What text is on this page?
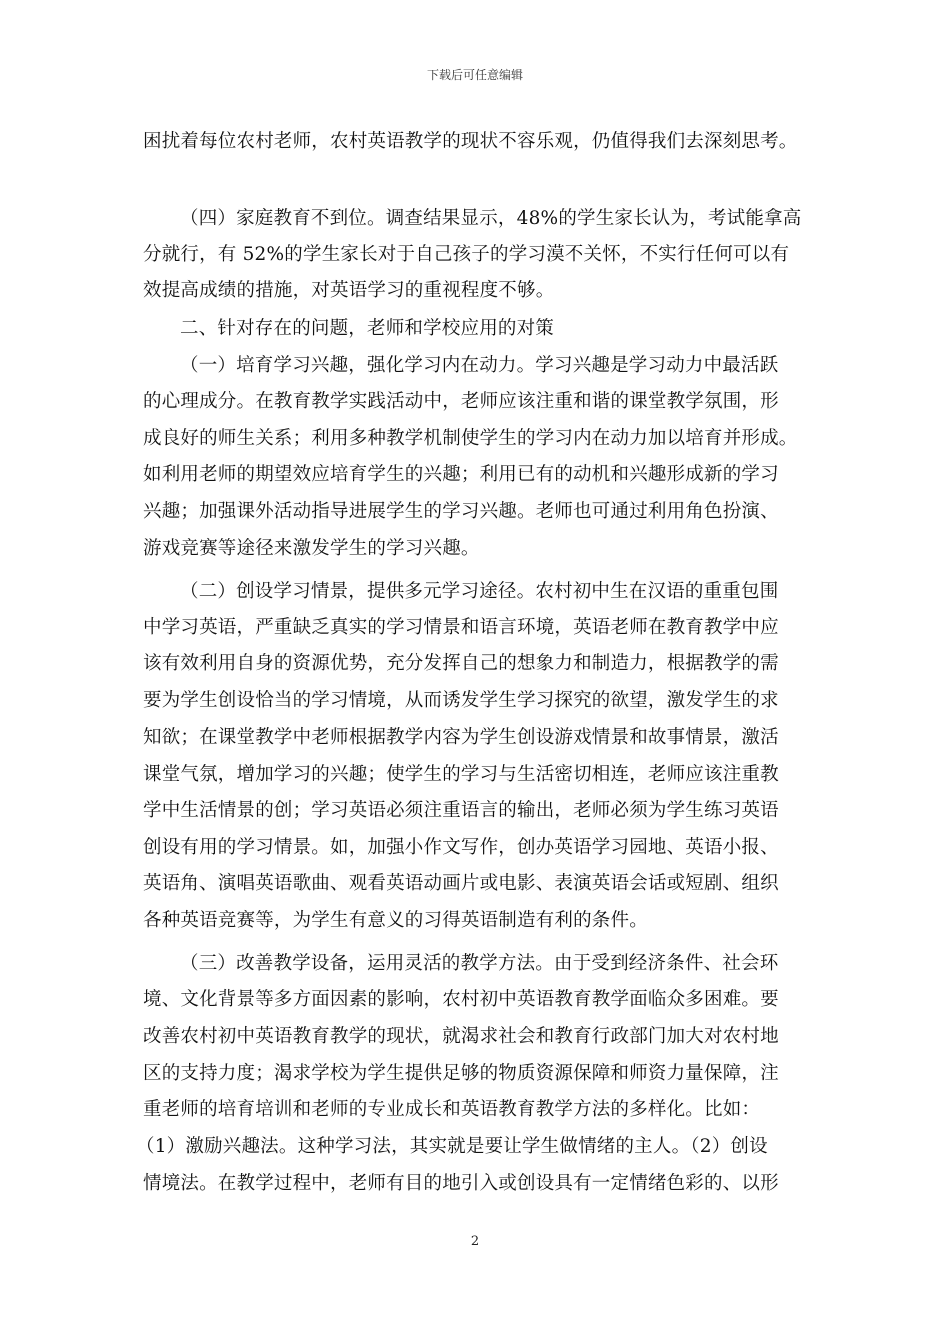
下载后可任意编辑
困扰着每位农村老师，农村英语教学的现状不容乐观，仍值得我们去深刻思考。
（四）家庭教育不到位。调查结果显示，48%的学生家长认为，考试能拿高
分就行，有 52%的学生家长对于自己孩子的学习漠不关怀，不实行任何可以有
效提高成绩的措施，对英语学习的重视程度不够。
二、针对存在的问题，老师和学校应用的对策
（一）培育学习兴趣，强化学习内在动力。学习兴趣是学习动力中最活跃
的心理成分。在教育教学实践活动中，老师应该注重和谐的课堂教学氛围，形
成良好的师生关系；利用多种教学机制使学生的学习内在动力加以培育并形成。
如利用老师的期望效应培育学生的兴趣；利用已有的动机和兴趣形成新的学习
兴趣；加强课外活动指导进展学生的学习兴趣。老师也可通过利用角色扮演、
游戏竞赛等途径来激发学生的学习兴趣。
（二）创设学习情景，提供多元学习途径。农村初中生在汉语的重重包围
中学习英语，严重缺乏真实的学习情景和语言环境，英语老师在教育教学中应
该有效利用自身的资源优势，充分发挥自己的想象力和制造力，根据教学的需
要为学生创设恰当的学习情境，从而诱发学生学习探究的欲望，激发学生的求
知欲；在课堂教学中老师根据教学内容为学生创设游戏情景和故事情景，激活
课堂气氛，增加学习的兴趣；使学生的学习与生活密切相连，老师应该注重教
学中生活情景的创；学习英语必须注重语言的输出，老师必须为学生练习英语
创设有用的学习情景。如，加强小作文写作，创办英语学习园地、英语小报、
英语角、演唱英语歌曲、观看英语动画片或电影、表演英语会话或短剧、组织
各种英语竞赛等，为学生有意义的习得英语制造有利的条件。
（三）改善教学设备，运用灵活的教学方法。由于受到经济条件、社会环
境、文化背景等多方面因素的影响，农村初中英语教育教学面临众多困难。要
改善农村初中英语教育教学的现状，就渴求社会和教育行政部门加大对农村地
区的支持力度；渴求学校为学生提供足够的物质资源保障和师资力量保障，注
重老师的培育培训和老师的专业成长和英语教育教学方法的多样化。比如：
（1）激励兴趣法。这种学习法，其实就是要让学生做情绪的主人。（2）创设
情境法。在教学过程中，老师有目的地引入或创设具有一定情绪色彩的、以形
2
